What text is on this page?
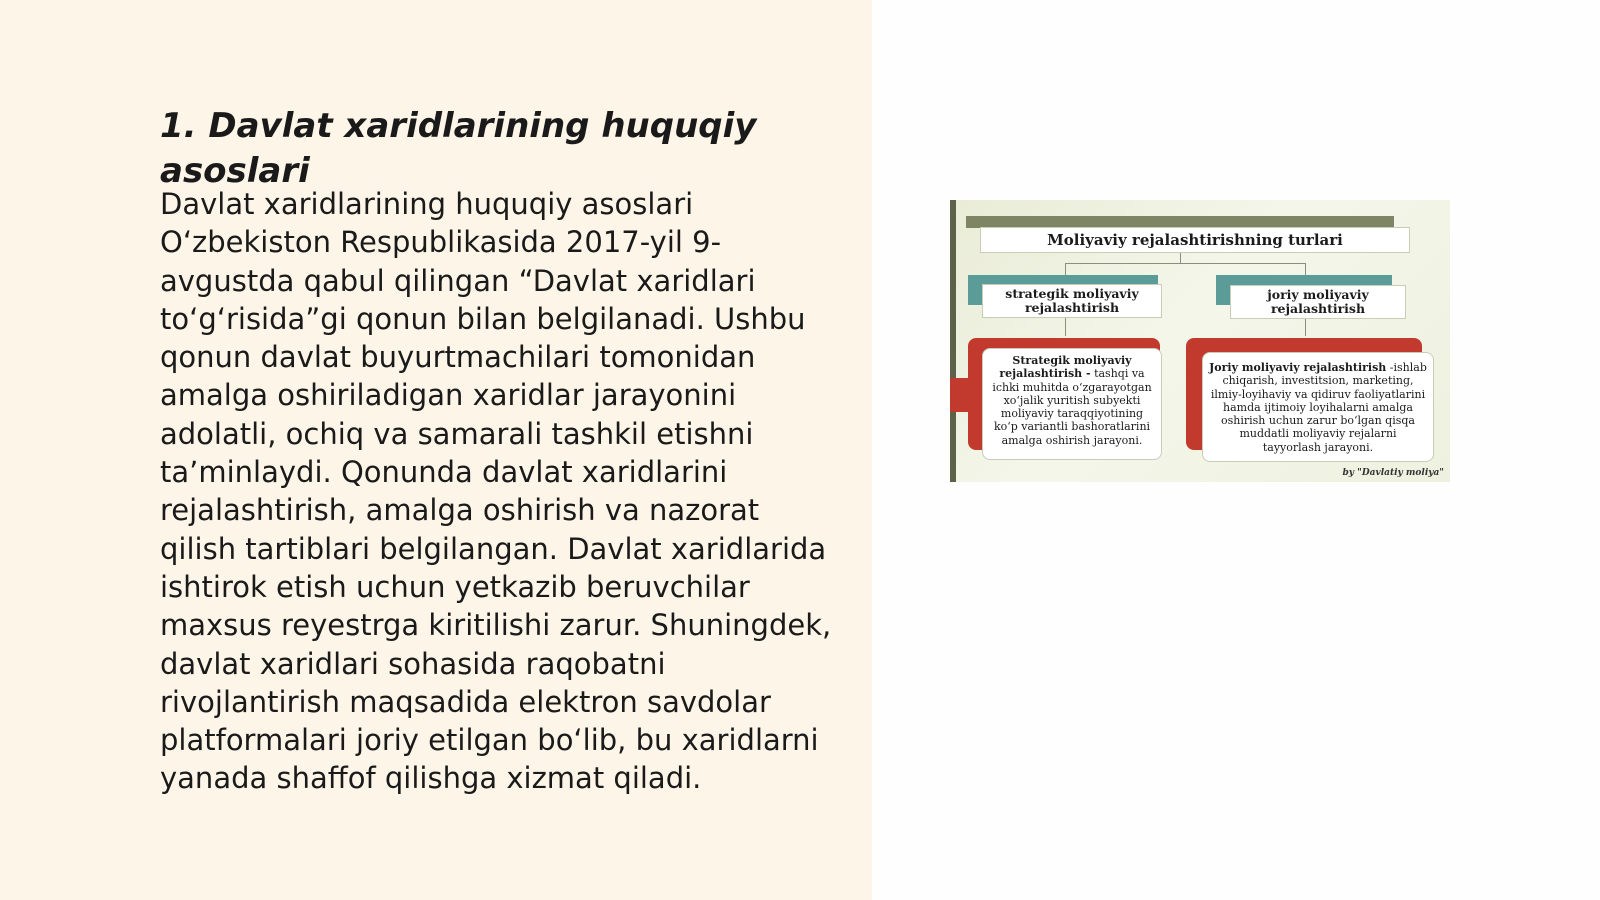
1. Davlat xaridlarining huquqiy asoslari

Davlat xaridlarining huquqiy asoslari O‘zbekiston Respublikasida 2017-yil 9-avgustda qabul qilingan “Davlat xaridlari to‘g‘risida”gi qonun bilan belgilanadi. Ushbu qonun davlat buyurtmachilari tomonidan amalga oshiriladigan xaridlar jarayonini adolatli, ochiq va samarali tashkil etishni ta’minlaydi. Qonunda davlat xaridlarini rejalashtirish, amalga oshirish va nazorat qilish tartiblari belgilangan. Davlat xaridlarida ishtirok etish uchun yetkazib beruvchilar maxsus reyestrga kiritilishi zarur. Shuningdek, davlat xaridlari sohasida raqobatni rivojlantirish maqsadida elektron savdolar platformalari joriy etilgan bo‘lib, bu xaridlarni yanada shaffof qilishga xizmat qiladi.

Moliyaviy rejalashtirishning turlari
strategik moliyaviy rejalashtirish
joriy moliyaviy rejalashtirish
Strategik moliyaviy rejalashtirish - tashqi va ichki muhitda o‘zgarayotgan xo‘jalik yuritish subyekti moliyaviy taraqqiyotining ko‘p variantli bashoratlarini amalga oshirish jarayoni.
Joriy moliyaviy rejalashtirish -ishlab chiqarish, investitsion, marketing, ilmiy-loyihaviy va qidiruv faoliyatlarini hamda ijtimoiy loyihalarni amalga oshirish uchun zarur bo‘lgan qisqa muddatli moliyaviy rejalarni tayyorlash jarayoni.
by "Davlatiy moliya"
